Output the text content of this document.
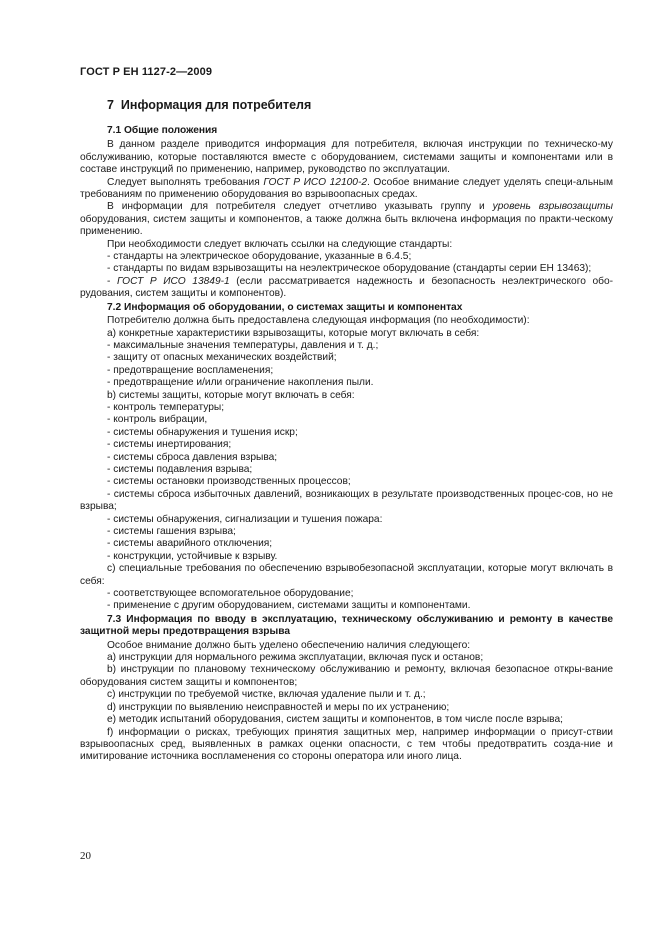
ГОСТ Р ЕН 1127-2—2009
7 Информация для потребителя

7.1 Общие положения

В данном разделе приводится информация для потребителя, включая инструкции по техническо-му обслуживанию, которые поставляются вместе с оборудованием, системами защиты и компонентами или в составе инструкций по применению, например, руководство по эксплуатации.

Следует выполнять требования ГОСТ Р ИСО 12100-2. Особое внимание следует уделять специ-альным требованиям по применению оборудования во взрывоопасных средах.

В информации для потребителя следует отчетливо указывать группу и уровень взрывозащиты оборудования, систем защиты и компонентов, а также должна быть включена информация по практи-ческому применению.

При необходимости следует включать ссылки на следующие стандарты:

- стандарты на электрическое оборудование, указанные в 6.4.5;

- стандарты по видам взрывозащиты на неэлектрическое оборудование (стандарты серии ЕН 13463);

- ГОСТ Р ИСО 13849-1 (если рассматривается надежность и безопасность неэлектрического обо-рудования, систем защиты и компонентов).

7.2 Информация об оборудовании, о системах защиты и компонентах

Потребителю должна быть предоставлена следующая информация (по необходимости):

a) конкретные характеристики взрывозащиты, которые могут включать в себя:

- максимальные значения температуры, давления и т. д.;

- защиту от опасных механических воздействий;

- предотвращение воспламенения;

- предотвращение и/или ограничение накопления пыли.

b) системы защиты, которые могут включать в себя:

- контроль температуры;

- контроль вибрации,

- системы обнаружения и тушения искр;

- системы инертирования;

- системы сброса давления взрыва;

- системы подавления взрыва;

- системы остановки производственных процессов;

- системы сброса избыточных давлений, возникающих в результате производственных процес-сов, но не взрыва;

- системы обнаружения, сигнализации и тушения пожара:

- системы гашения взрыва;

- системы аварийного отключения;

- конструкции, устойчивые к взрыву.

c) специальные требования по обеспечению взрывобезопасной эксплуатации, которые могут включать в себя:

- соответствующее вспомогательное оборудование;

- применение с другим оборудованием, системами защиты и компонентами.

7.3 Информация по вводу в эксплуатацию, техническому обслуживанию и ремонту в качестве защитной меры предотвращения взрыва

Особое внимание должно быть уделено обеспечению наличия следующего:

a) инструкции для нормального режима эксплуатации, включая пуск и останов;

b) инструкции по плановому техническому обслуживанию и ремонту, включая безопасное откры-вание оборудования систем защиты и компонентов;

c) инструкции по требуемой чистке, включая удаление пыли и т. д.;

d) инструкции по выявлению неисправностей и меры по их устранению;

e) методик испытаний оборудования, систем защиты и компонентов, в том числе после взрыва;

f) информации о рисках, требующих принятия защитных мер, например информации о присут-ствии взрывоопасных сред, выявленных в рамках оценки опасности, с тем чтобы предотвратить созда-ние и имитирование источника воспламенения со стороны оператора или иного лица.

20
